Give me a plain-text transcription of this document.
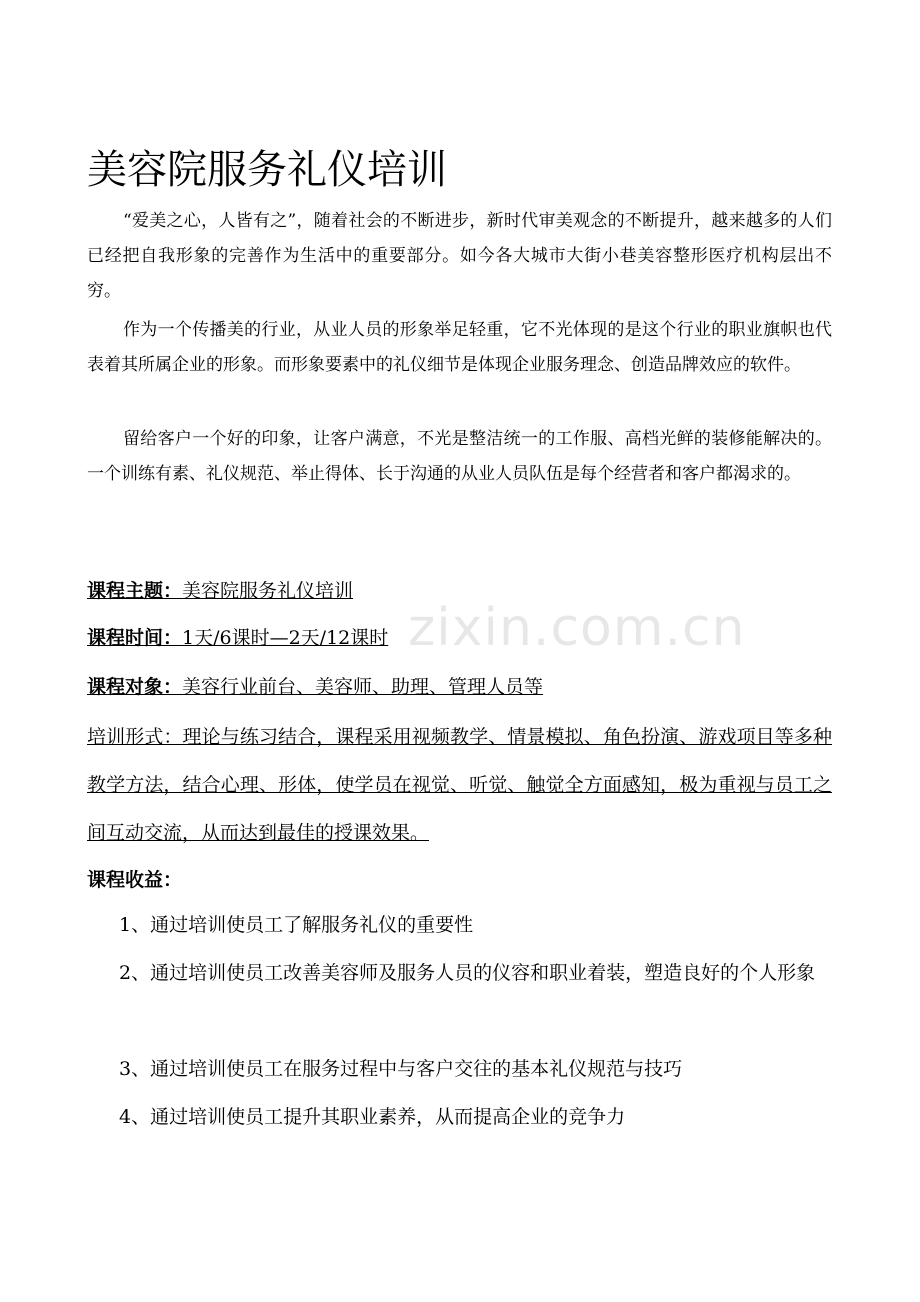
美容院服务礼仪培训

“爱美之心，人皆有之”，随着社会的不断进步，新时代审美观念的不断提升，越来越多的人们已经把自我形象的完善作为生活中的重要部分。如今各大城市大街小巷美容整形医疗机构层出不穷。

作为一个传播美的行业，从业人员的形象举足轻重，它不光体现的是这个行业的职业旗帜也代表着其所属企业的形象。而形象要素中的礼仪细节是体现企业服务理念、创造品牌效应的软件。

留给客户一个好的印象，让客户满意，不光是整洁统一的工作服、高档光鲜的装修能解决的。一个训练有素、礼仪规范、举止得体、长于沟通的从业人员队伍是每个经营者和客户都渴求的。

课程主题：美容院服务礼仪培训
课程时间：1天/6课时—2天/12课时
课程对象：美容行业前台、美容师、助理、管理人员等
培训形式：理论与练习结合，课程采用视频教学、情景模拟、角色扮演、游戏项目等多种教学方法，结合心理、形体，使学员在视觉、听觉、触觉全方面感知，极为重视与员工之间互动交流，从而达到最佳的授课效果。
课程收益：
1、通过培训使员工了解服务礼仪的重要性
2、通过培训使员工改善美容师及服务人员的仪容和职业着装，塑造良好的个人形象
3、通过培训使员工在服务过程中与客户交往的基本礼仪规范与技巧
4、通过培训使员工提升其职业素养，从而提高企业的竞争力
zixin.com.cn
